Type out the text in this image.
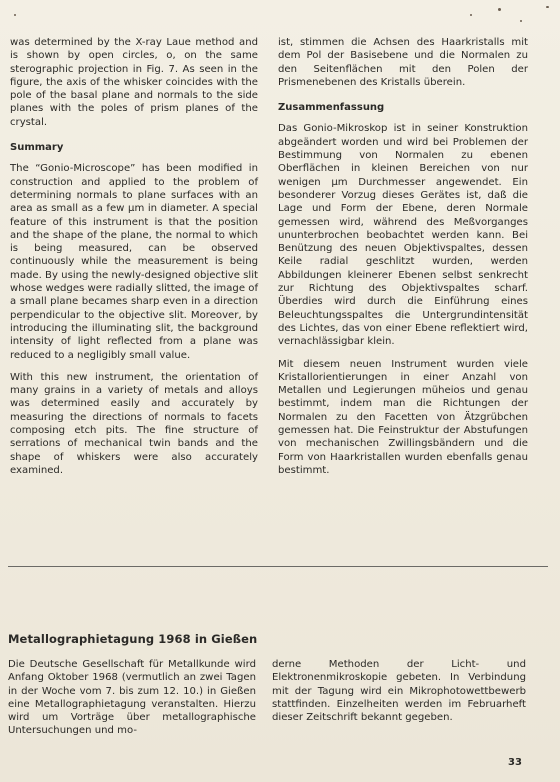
was determined by the X-ray Laue method and is shown by open circles, o, on the same sterographic projection in Fig. 7. As seen in the figure, the axis of the whisker coincides with the pole of the basal plane and normals to the side planes with the poles of prism planes of the crystal.

Summary

The “Gonio-Microscope” has been modified in construction and applied to the problem of determining normals to plane surfaces with an area as small as a few μm in diameter. A special feature of this instrument is that the position and the shape of the plane, the normal to which is being measured, can be observed continuously while the measurement is being made. By using the newly-designed objective slit whose wedges were radially slitted, the image of a small plane becames sharp even in a direction perpendicular to the objective slit. Moreover, by introducing the illuminating slit, the background intensity of light reflected from a plane was reduced to a negligibly small value.

With this new instrument, the orientation of many grains in a variety of metals and alloys was determined easily and accurately by measuring the directions of normals to facets composing etch pits. The fine structure of serrations of mechanical twin bands and the shape of whiskers were also accurately examined.

ist, stimmen die Achsen des Haarkristalls mit dem Pol der Basisebene und die Normalen zu den Seitenflächen mit den Polen der Prismenebenen des Kristalls überein.

Zusammenfassung

Das Gonio-Mikroskop ist in seiner Konstruktion abgeändert worden und wird bei Problemen der Bestimmung von Normalen zu ebenen Oberflächen in kleinen Bereichen von nur wenigen μm Durchmesser angewendet. Ein besonderer Vorzug dieses Gerätes ist, daß die Lage und Form der Ebene, deren Normale gemessen wird, während des Meßvorganges ununterbrochen beobachtet werden kann. Bei Benützung des neuen Objektivspaltes, dessen Keile radial geschlitzt wurden, werden Abbildungen kleinerer Ebenen selbst senkrecht zur Richtung des Objektivspaltes scharf. Überdies wird durch die Einführung eines Beleuchtungsspaltes die Untergrundintensität des Lichtes, das von einer Ebene reflektiert wird, vernachlässigbar klein.

Mit diesem neuen Instrument wurden viele Kristallorientierungen in einer Anzahl von Metallen und Legierungen müheios und genau bestimmt, indem man die Richtungen der Normalen zu den Facetten von Ätzgrübchen gemessen hat. Die Feinstruktur der Abstufungen von mechanischen Zwillingsbändern und die Form von Haarkristallen wurden ebenfalls genau bestimmt.

Metallographietagung 1968 in Gießen

Die Deutsche Gesellschaft für Metallkunde wird Anfang Oktober 1968 (vermutlich an zwei Tagen in der Woche vom 7. bis zum 12. 10.) in Gießen eine Metallographietagung veranstalten. Hierzu wird um Vorträge über metallographische Untersuchungen und mo-

derne Methoden der Licht- und Elektronenmikroskopie gebeten. In Verbindung mit der Tagung wird ein Mikrophotowettbewerb stattfinden. Einzelheiten werden im Februarheft dieser Zeitschrift bekannt gegeben.

33
